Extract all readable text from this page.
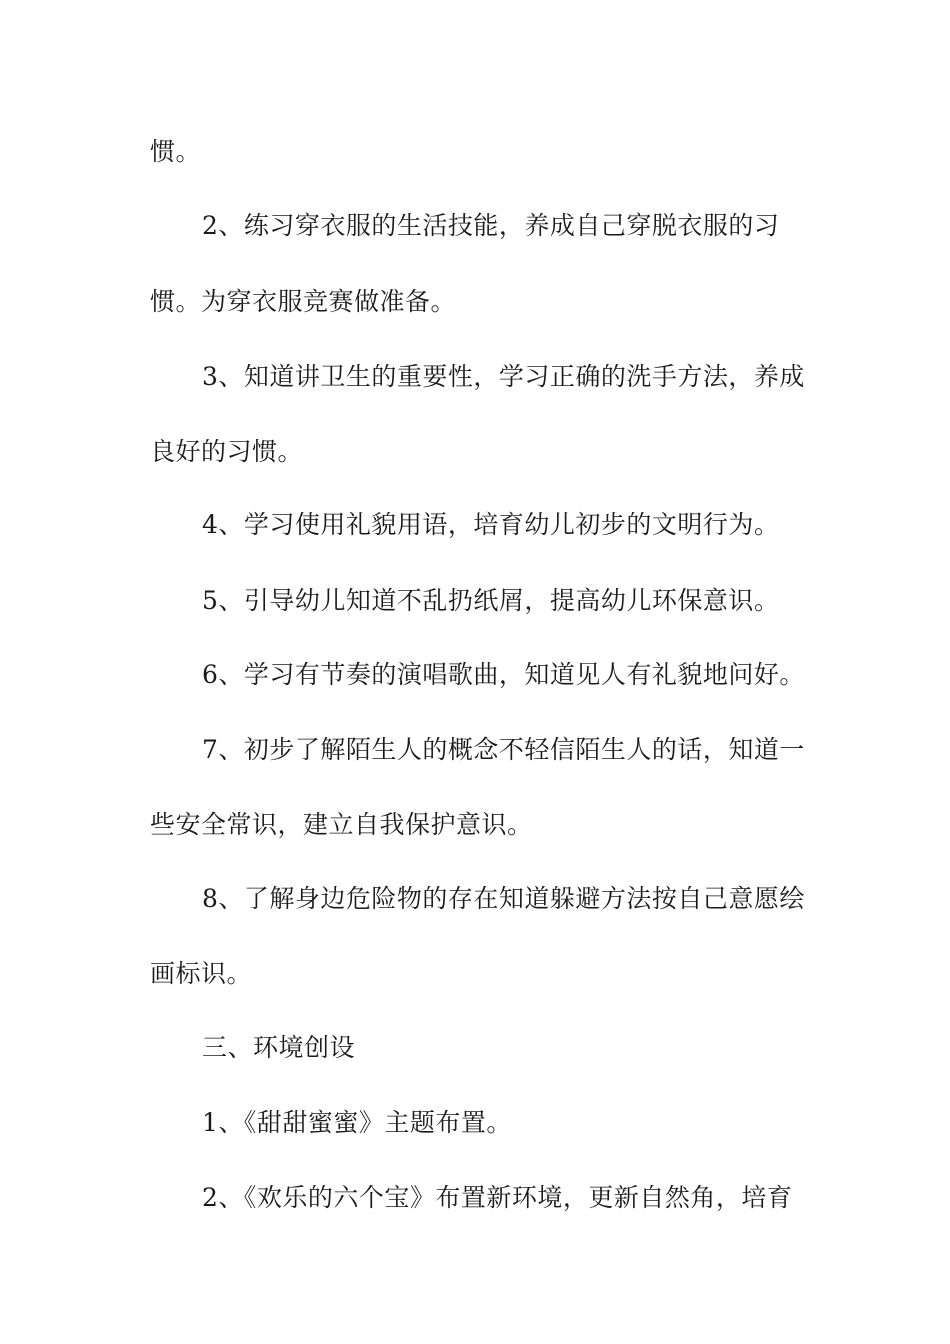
惯。
2、练习穿衣服的生活技能，养成自己穿脱衣服的习
惯。为穿衣服竞赛做准备。
3、知道讲卫生的重要性，学习正确的洗手方法，养成
良好的习惯。
4、学习使用礼貌用语，培育幼儿初步的文明行为。
5、引导幼儿知道不乱扔纸屑，提高幼儿环保意识。
6、学习有节奏的演唱歌曲，知道见人有礼貌地问好。
7、初步了解陌生人的概念不轻信陌生人的话，知道一
些安全常识，建立自我保护意识。
8、了解身边危险物的存在知道躲避方法按自己意愿绘
画标识。
三、环境创设
1、《甜甜蜜蜜》主题布置。
2、《欢乐的六个宝》布置新环境，更新自然角，培育
